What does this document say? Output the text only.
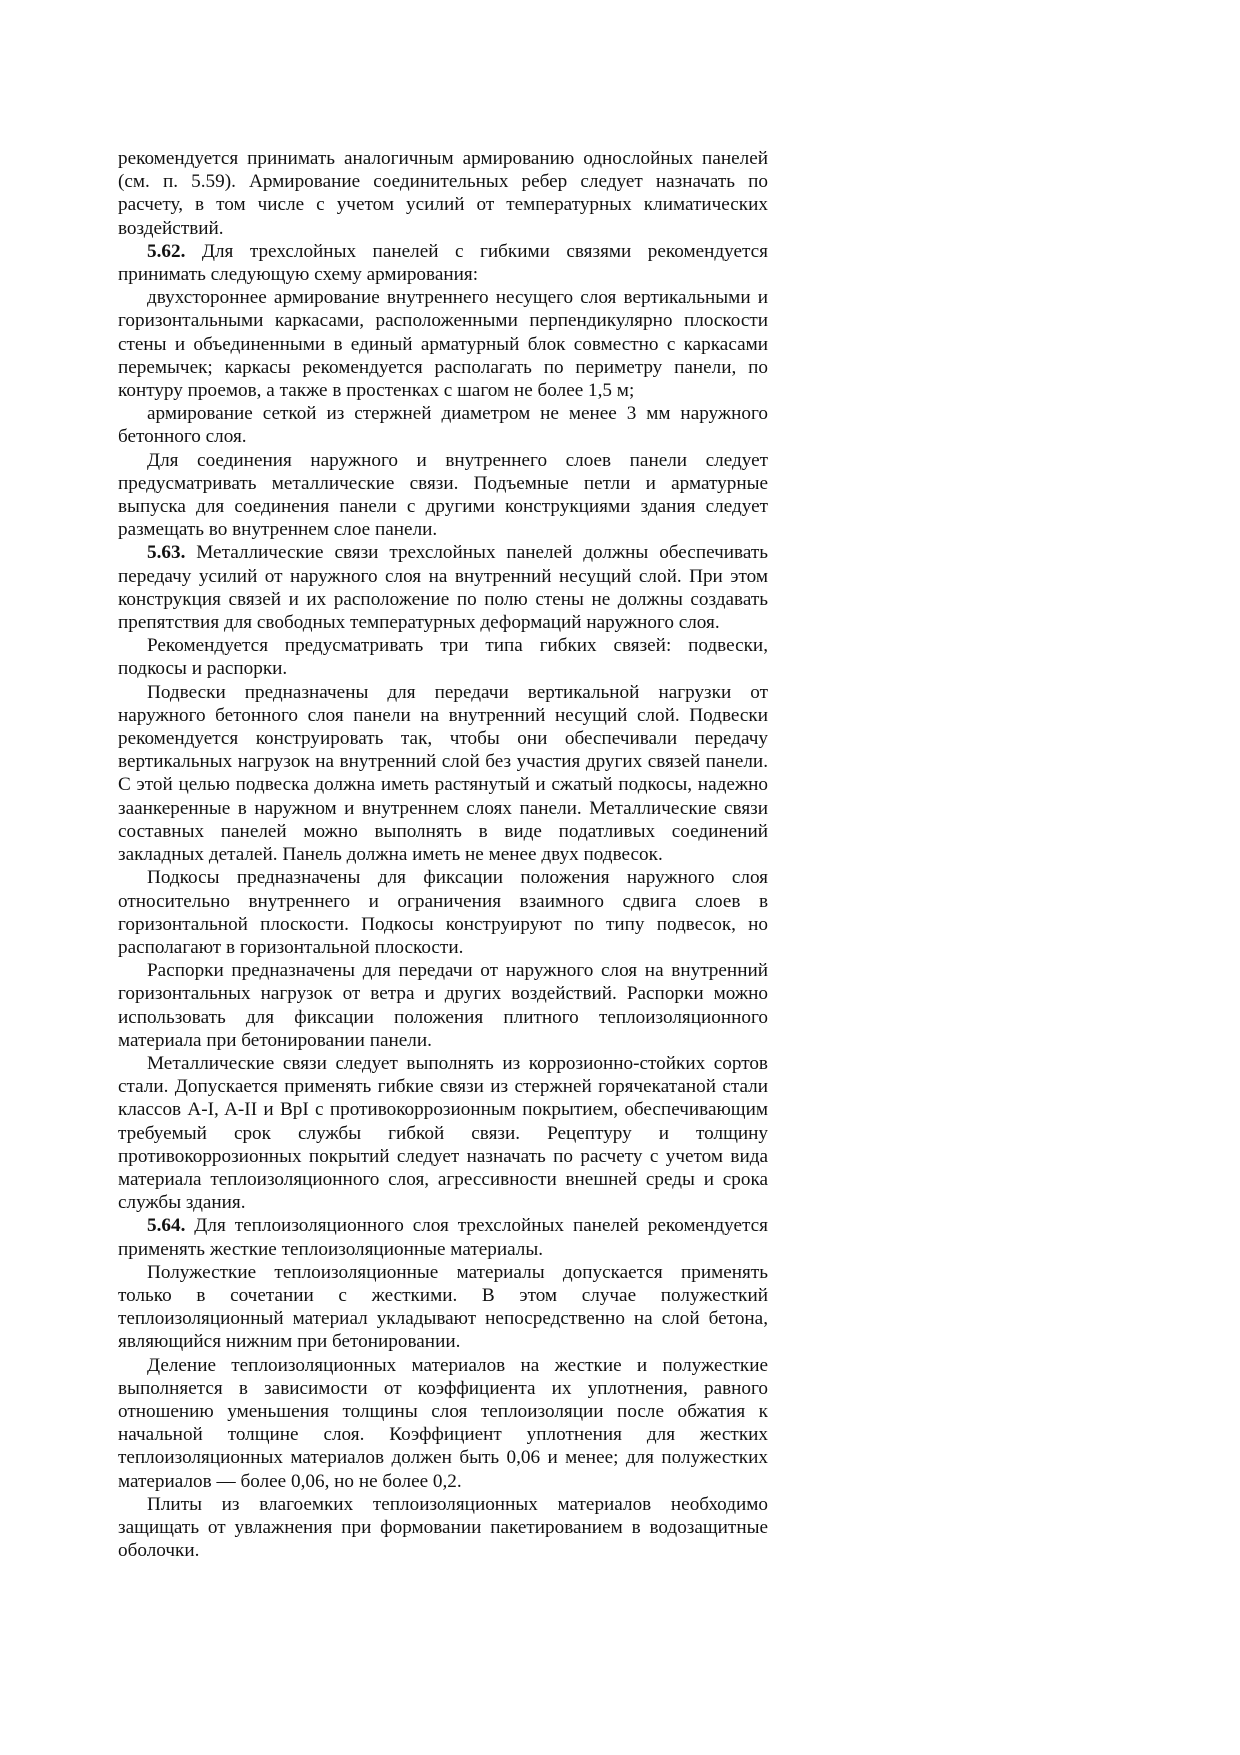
рекомендуется принимать аналогичным армированию однослойных панелей (см. п. 5.59). Армирование соединительных ребер следует назначать по расчету, в том числе с учетом усилий от температурных климатических воздействий.

5.62. Для трехслойных панелей с гибкими связями рекомендуется принимать следующую схему армирования:

двухстороннее армирование внутреннего несущего слоя вертикальными и горизонтальными каркасами, расположенными перпендикулярно плоскости стены и объединенными в единый арматурный блок совместно с каркасами перемычек; каркасы рекомендуется располагать по периметру панели, по контуру проемов, а также в простенках с шагом не более 1,5 м;

армирование сеткой из стержней диаметром не менее 3 мм наружного бетонного слоя.

Для соединения наружного и внутреннего слоев панели следует предусматривать металлические связи. Подъемные петли и арматурные выпуска для соединения панели с другими конструкциями здания следует размещать во внутреннем слое панели.

5.63. Металлические связи трехслойных панелей должны обеспечивать передачу усилий от наружного слоя на внутренний несущий слой. При этом конструкция связей и их расположение по полю стены не должны создавать препятствия для свободных температурных деформаций наружного слоя.

Рекомендуется предусматривать три типа гибких связей: подвески, подкосы и распорки.

Подвески предназначены для передачи вертикальной нагрузки от наружного бетонного слоя панели на внутренний несущий слой. Подвески рекомендуется конструировать так, чтобы они обеспечивали передачу вертикальных нагрузок на внутренний слой без участия других связей панели. С этой целью подвеска должна иметь растянутый и сжатый подкосы, надежно заанкеренные в наружном и внутреннем слоях панели. Металлические связи составных панелей можно выполнять в виде податливых соединений закладных деталей. Панель должна иметь не менее двух подвесок.

Подкосы предназначены для фиксации положения наружного слоя относительно внутреннего и ограничения взаимного сдвига слоев в горизонтальной плоскости. Подкосы конструируют по типу подвесок, но располагают в горизонтальной плоскости.

Распорки предназначены для передачи от наружного слоя на внутренний горизонтальных нагрузок от ветра и других воздействий. Распорки можно использовать для фиксации положения плитного теплоизоляционного материала при бетонировании панели.

Металлические связи следует выполнять из коррозионно-стойких сортов стали. Допускается применять гибкие связи из стержней горячекатаной стали классов A-I, A-II и BpI с противокоррозионным покрытием, обеспечивающим требуемый срок службы гибкой связи. Рецептуру и толщину противокоррозионных покрытий следует назначать по расчету с учетом вида материала теплоизоляционного слоя, агрессивности внешней среды и срока службы здания.

5.64. Для теплоизоляционного слоя трехслойных панелей рекомендуется применять жесткие теплоизоляционные материалы.

Полужесткие теплоизоляционные материалы допускается применять только в сочетании с жесткими. В этом случае полужесткий теплоизоляционный материал укладывают непосредственно на слой бетона, являющийся нижним при бетонировании.

Деление теплоизоляционных материалов на жесткие и полужесткие выполняется в зависимости от коэффициента их уплотнения, равного отношению уменьшения толщины слоя теплоизоляции после обжатия к начальной толщине слоя. Коэффициент уплотнения для жестких теплоизоляционных материалов должен быть 0,06 и менее; для полужестких материалов — более 0,06, но не более 0,2.

Плиты из влагоемких теплоизоляционных материалов необходимо защищать от увлажнения при формовании пакетированием в водозащитные оболочки.
